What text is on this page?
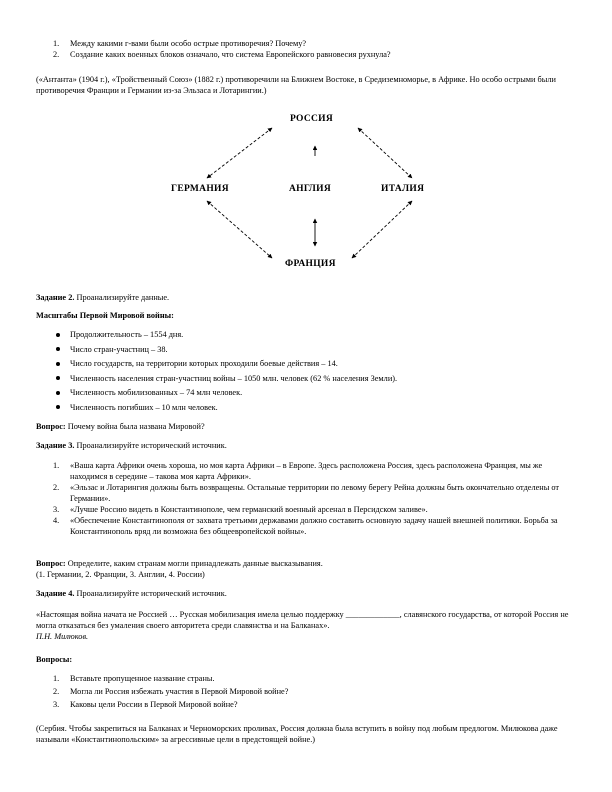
1. Между какими г-вами были особо острые противоречия? Почему?
2. Создание каких военных блоков означало, что система Европейского равновесия рухнула?
(«Антанта» (1904 г.), «Тройственный Союз» (1882 г.) противоречили на Ближнем Востоке, в Средиземноморье, в Африке. Но особо острыми были противоречия Франции и Германии из-за Эльзаса и Лотарингии.)
РОССИЯ
ГЕРМАНИЯ	АНГЛИЯ	ИТАЛИЯ
ФРАНЦИЯ
Задание 2. Проанализируйте данные.
Масштабы Первой Мировой войны:
Продолжительность – 1554 дня.
Число стран-участниц – 38.
Число государств, на территории которых проходили боевые действия – 14.
Численность населения стран-участниц войны – 1050 млн. человек (62 % населения Земли).
Численность мобилизованных – 74 млн человек.
Численность погибших – 10 млн человек.
Вопрос: Почему война была названа Мировой?
Задание 3. Проанализируйте исторический источник.
1. «Ваша карта Африки очень хороша, но моя карта Африки – в Европе. Здесь расположена Россия, здесь расположена Франция, мы же находимся в середине – такова моя карта Африки».
2. «Эльзас и Лотарингия должны быть возвращены. Остальные территории по левому берегу Рейна должны быть окончательно отделены от Германии».
3. «Лучше Россию видеть в Константинополе, чем германский военный арсенал в Персидском заливе».
4. «Обеспечение Константинополя от захвата третьими державами должно составить основную задачу нашей внешней политики. Борьба за Константинополь вряд ли возможна без общеевропейской войны».
Вопрос: Определите, каким странам могли принадлежать данные высказывания.
(1. Германии, 2. Франции, 3. Англии, 4. России)
Задание 4. Проанализируйте исторический источник.
«Настоящая война начата не Россией … Русская мобилизация имела целью поддержку _____________, славянского государства, от которой Россия не могла отказаться без умаления своего авторитета среди славянства и на Балканах».
П.Н. Милюков.
Вопросы:
1. Вставьте пропущенное название страны.
2. Могла ли Россия избежать участия в Первой Мировой войне?
3. Каковы цели России в Первой Мировой войне?
(Сербия. Чтобы закрепиться на Балканах и Черноморских проливах, Россия должна была вступить в войну под любым предлогом. Милюкова даже называли «Константинопольским» за агрессивные цели в предстоящей войне.)
